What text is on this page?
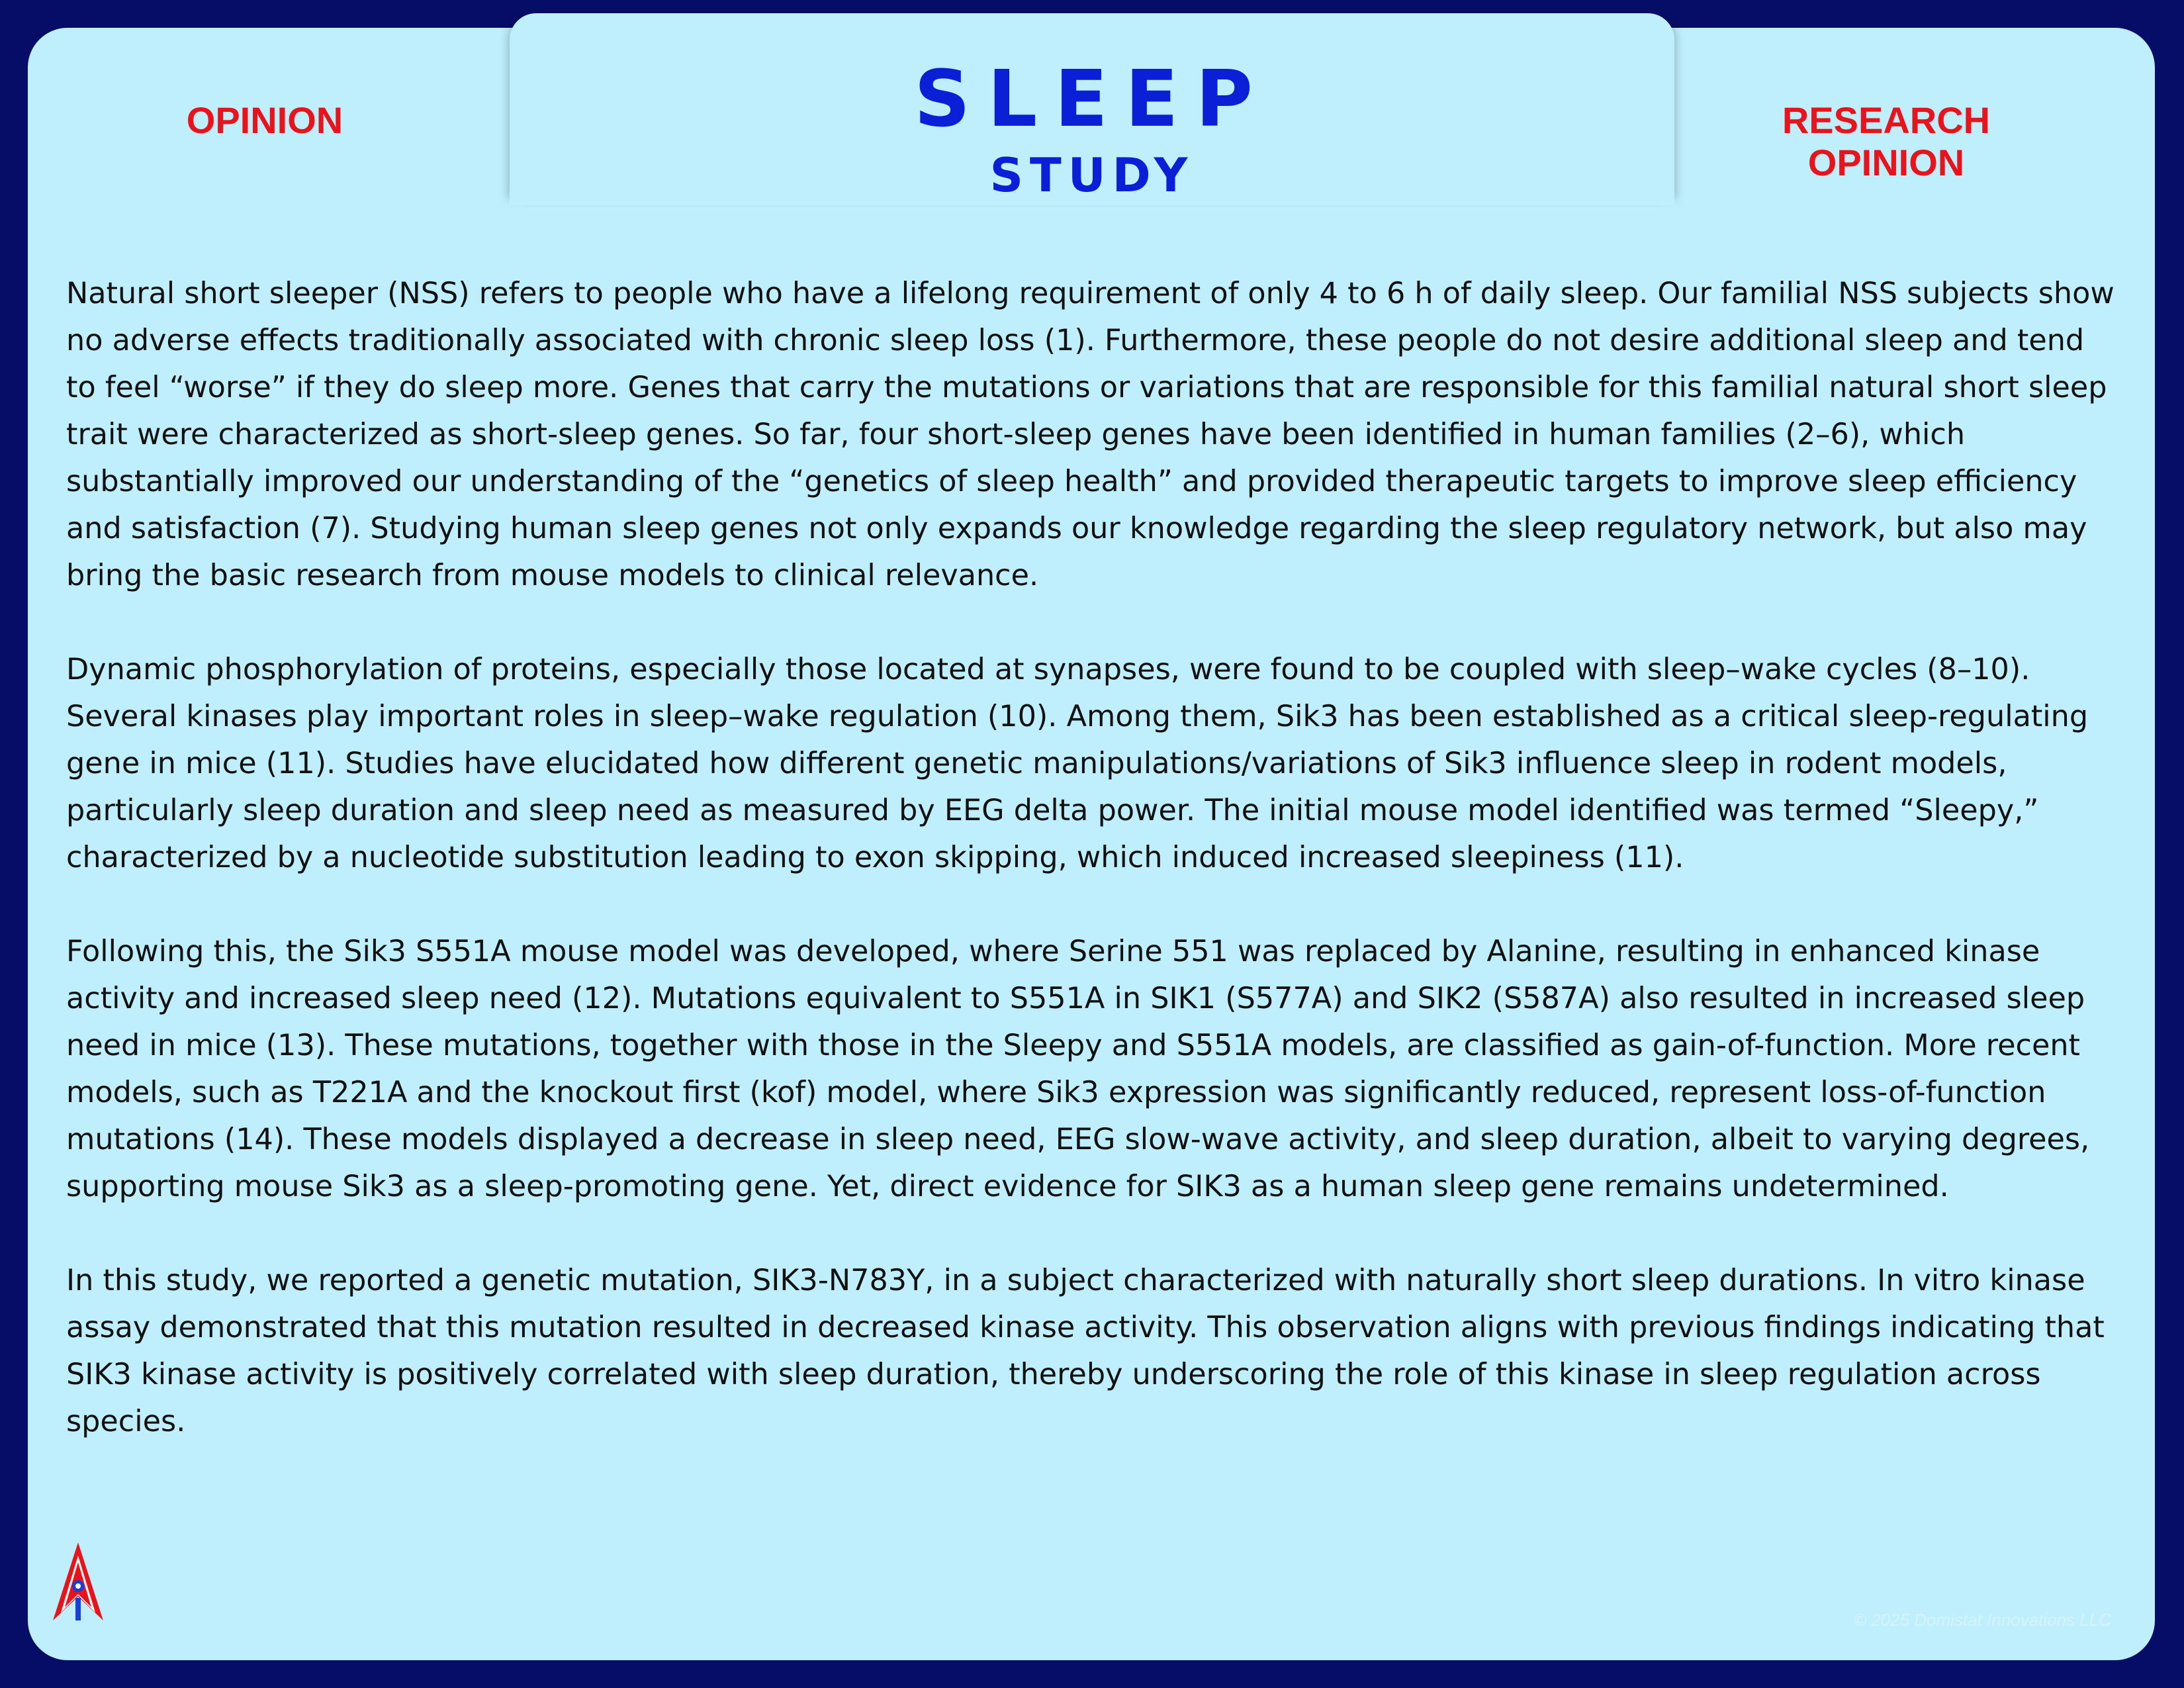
SLEEP
STUDY
OPINION	RESEARCH
OPINION

Natural short sleeper (NSS) refers to people who have a lifelong requirement of only 4 to 6 h of daily sleep. Our familial NSS subjects show no adverse effects traditionally associated with chronic sleep loss (1). Furthermore, these people do not desire additional sleep and tend to feel “worse” if they do sleep more. Genes that carry the mutations or variations that are responsible for this familial natural short sleep trait were characterized as short-sleep genes. So far, four short-sleep genes have been identified in human families (2–6), which substantially improved our understanding of the “genetics of sleep health” and provided therapeutic targets to improve sleep efficiency and satisfaction (7). Studying human sleep genes not only expands our knowledge regarding the sleep regulatory network, but also may bring the basic research from mouse models to clinical relevance.

Dynamic phosphorylation of proteins, especially those located at synapses, were found to be coupled with sleep–wake cycles (8–10). Several kinases play important roles in sleep–wake regulation (10). Among them, Sik3 has been established as a critical sleep-regulating gene in mice (11). Studies have elucidated how different genetic manipulations/variations of Sik3 influence sleep in rodent models, particularly sleep duration and sleep need as measured by EEG delta power. The initial mouse model identified was termed “Sleepy,” characterized by a nucleotide substitution leading to exon skipping, which induced increased sleepiness (11).

Following this, the Sik3 S551A mouse model was developed, where Serine 551 was replaced by Alanine, resulting in enhanced kinase activity and increased sleep need (12). Mutations equivalent to S551A in SIK1 (S577A) and SIK2 (S587A) also resulted in increased sleep need in mice (13). These mutations, together with those in the Sleepy and S551A models, are classified as gain-of-function. More recent models, such as T221A and the knockout first (kof) model, where Sik3 expression was significantly reduced, represent loss-of-function mutations (14). These models displayed a decrease in sleep need, EEG slow-wave activity, and sleep duration, albeit to varying degrees, supporting mouse Sik3 as a sleep-promoting gene. Yet, direct evidence for SIK3 as a human sleep gene remains undetermined.

In this study, we reported a genetic mutation, SIK3-N783Y, in a subject characterized with naturally short sleep durations. In vitro kinase assay demonstrated that this mutation resulted in decreased kinase activity. This observation aligns with previous findings indicating that SIK3 kinase activity is positively correlated with sleep duration, thereby underscoring the role of this kinase in sleep regulation across species.

© 2025 Domistat Innovations LLC
